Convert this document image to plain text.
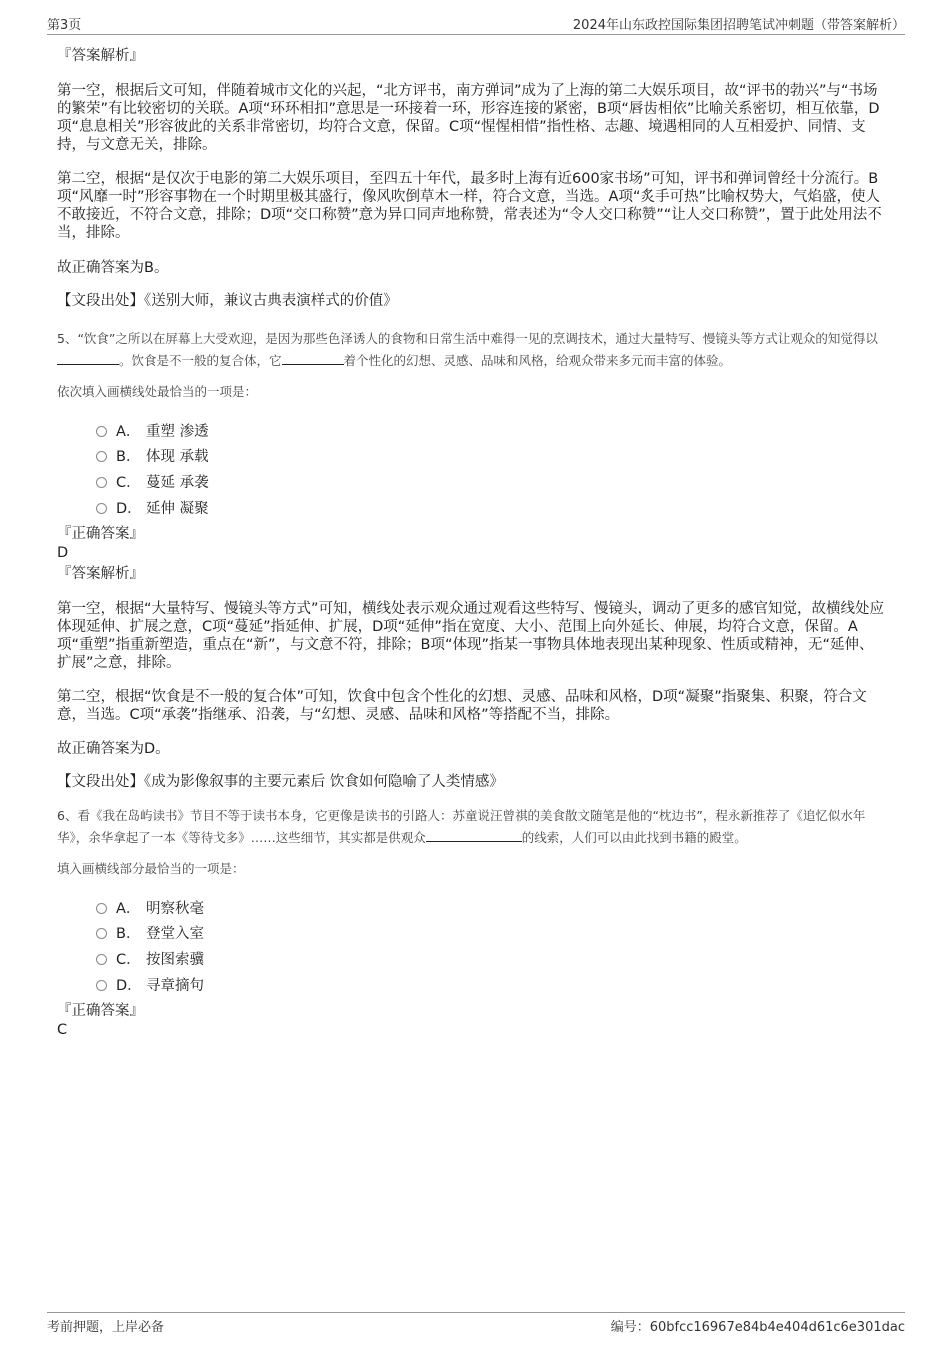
第3页	2024年山东政控国际集团招聘笔试冲刺题（带答案解析）
『答案解析』
第一空，根据后文可知，伴随着城市文化的兴起，“北方评书，南方弹词”成为了上海的第二大娱乐项目，故“评书的勃兴”与“书场的繁荣”有比较密切的关联。A项“环环相扣”意思是一环接着一环，形容连接的紧密，B项“唇齿相依”比喻关系密切，相互依靠，D项“息息相关”形容彼此的关系非常密切，均符合文意，保留。C项“惺惺相惜”指性格、志趣、境遇相同的人互相爱护、同情、支持，与文意无关，排除。
第二空，根据“是仅次于电影的第二大娱乐项目，至四五十年代，最多时上海有近600家书场”可知，评书和弹词曾经十分流行。B项“风靡一时”形容事物在一个时期里极其盛行，像风吹倒草木一样，符合文意，当选。A项“炙手可热”比喻权势大，气焰盛，使人不敢接近，不符合文意，排除；D项“交口称赞”意为异口同声地称赞，常表述为“令人交口称赞”“让人交口称赞”，置于此处用法不当，排除。
故正确答案为B。
【文段出处】《送别大师，兼议古典表演样式的价值》
5、“饮食”之所以在屏幕上大受欢迎，是因为那些色泽诱人的食物和日常生活中难得一见的烹调技术，通过大量特写、慢镜头等方式让观众的知觉得以。饮食是不一般的复合体，它	着个性化的幻想、灵感、品味和风格，给观众带来多元而丰富的体验。
依次填入画横线处最恰当的一项是：
A． 重塑 渗透
B． 体现 承载
C． 蔓延 承袭
D． 延伸 凝聚
『正确答案』
D
『答案解析』
第一空，根据“大量特写、慢镜头等方式”可知，横线处表示观众通过观看这些特写、慢镜头，调动了更多的感官知觉，故横线处应体现延伸、扩展之意，C项“蔓延”指延伸、扩展，D项“延伸”指在宽度、大小、范围上向外延长、伸展，均符合文意，保留。A项“重塑”指重新塑造，重点在“新”，与文意不符，排除；B项“体现”指某一事物具体地表现出某种现象、性质或精神，无“延伸、扩展”之意，排除。
第二空，根据“饮食是不一般的复合体”可知，饮食中包含个性化的幻想、灵感、品味和风格，D项“凝聚”指聚集、积聚，符合文意，当选。C项“承袭”指继承、沿袭，与“幻想、灵感、品味和风格”等搭配不当，排除。
故正确答案为D。
【文段出处】《成为影像叙事的主要元素后 饮食如何隐喻了人类情感》
6、看《我在岛屿读书》节目不等于读书本身，它更像是读书的引路人：苏童说汪曾祺的美食散文随笔是他的“枕边书”，程永新推荐了《追忆似水年华》，余华拿起了一本《等待戈多》……这些细节，其实都是供观众	的线索，人们可以由此找到书籍的殿堂。
填入画横线部分最恰当的一项是：
A． 明察秋毫
B． 登堂入室
C． 按图索骥
D． 寻章摘句
『正确答案』
C
考前押题，上岸必备	编号：60bfcc16967e84b4e404d61c6e301dac
